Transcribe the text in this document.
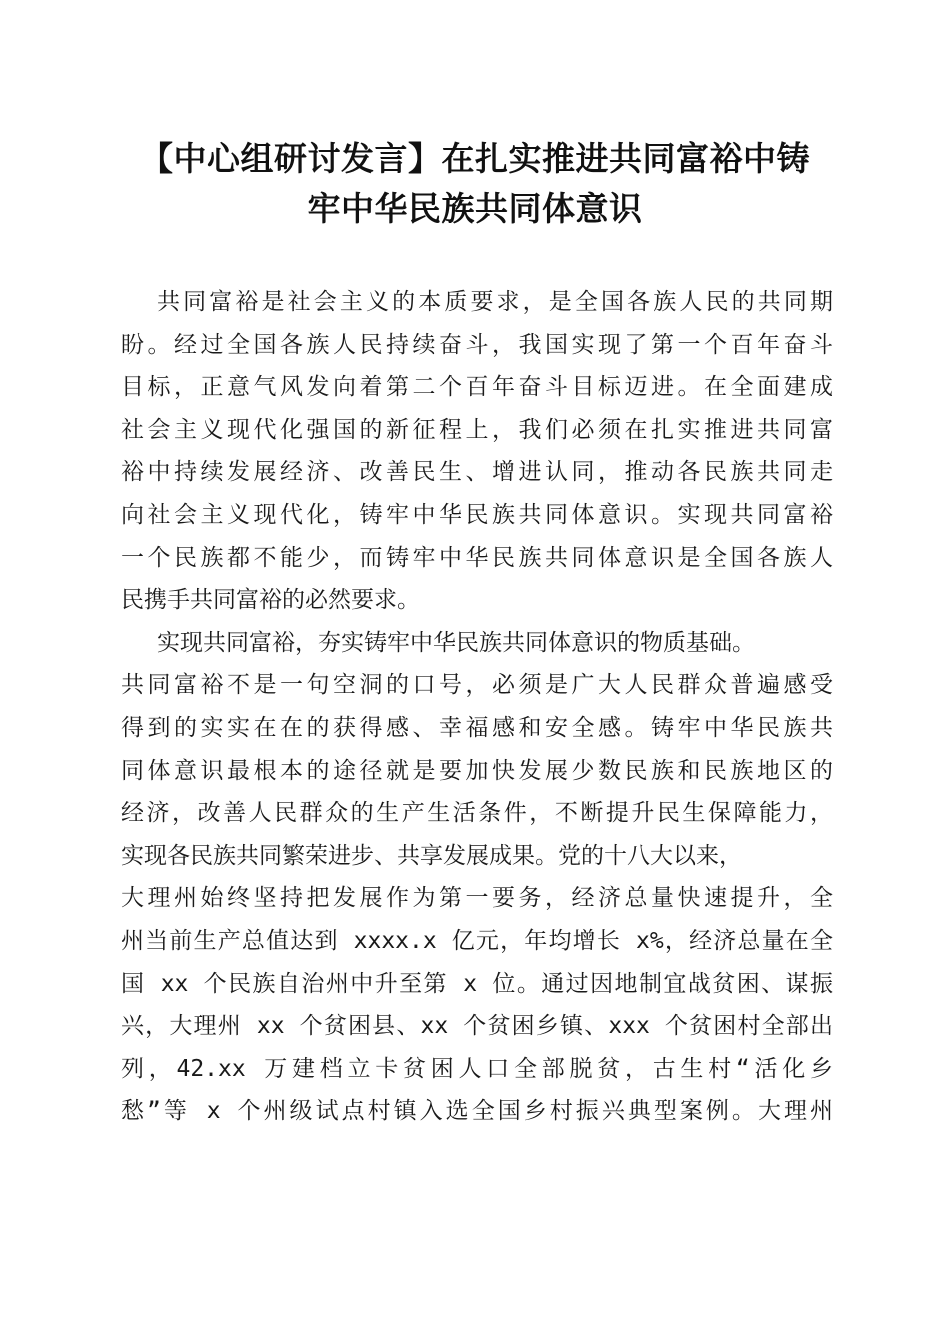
【中心组研讨发言】在扎实推进共同富裕中铸
牢中华民族共同体意识
共同富裕是社会主义的本质要求，是全国各族人民的共同期
盼。经过全国各族人民持续奋斗，我国实现了第一个百年奋斗
目标，正意气风发向着第二个百年奋斗目标迈进。在全面建成
社会主义现代化强国的新征程上，我们必须在扎实推进共同富
裕中持续发展经济、改善民生、增进认同，推动各民族共同走
向社会主义现代化，铸牢中华民族共同体意识。实现共同富裕
一个民族都不能少，而铸牢中华民族共同体意识是全国各族人
民携手共同富裕的必然要求。
实现共同富裕，夯实铸牢中华民族共同体意识的物质基础。
共同富裕不是一句空洞的口号，必须是广大人民群众普遍感受
得到的实实在在的获得感、幸福感和安全感。铸牢中华民族共
同体意识最根本的途径就是要加快发展少数民族和民族地区的
经济，改善人民群众的生产生活条件，不断提升民生保障能力，
实现各民族共同繁荣进步、共享发展成果。党的十八大以来，
大理州始终坚持把发展作为第一要务，经济总量快速提升，全
州当前生产总值达到 xxxx.x 亿元，年均增长 x%，经济总量在全
国 xx 个民族自治州中升至第 x 位。通过因地制宜战贫困、谋振
兴，大理州 xx 个贫困县、xx 个贫困乡镇、xxx 个贫困村全部出
列，42.xx 万建档立卡贫困人口全部脱贫，古生村“活化乡
愁”等 x 个州级试点村镇入选全国乡村振兴典型案例。大理州
